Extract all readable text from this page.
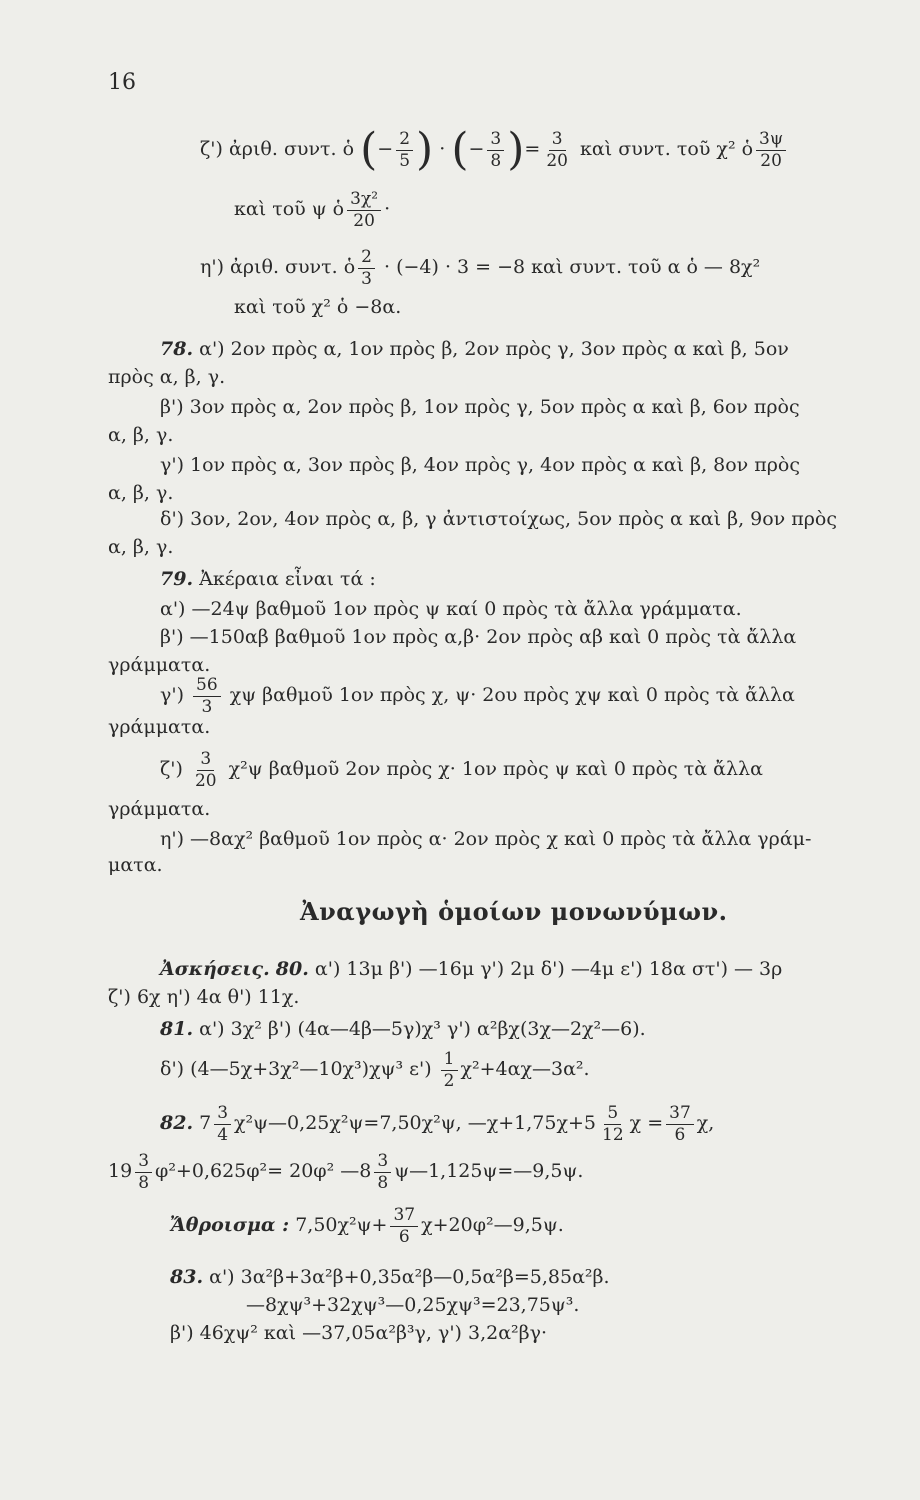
16
ζ') ἀριθ. συντ. ὁ (− $\frac{2}{5}$ ) · (− $\frac{3}{8}$ )= $\frac{3}{20}$ καὶ συντ. τοῦ χ² ὁ $\frac{3\psi}{20}$
καὶ τοῦ ψ ὁ $\frac{\text{3χ²}}{20}$ ·
η') ἀριθ. συντ. ὁ $\frac{2}{3} \cdot (-4) \cdot 3 = -8$ καὶ συντ. τοῦ α ὁ — 8χ²
καὶ τοῦ χ² ὁ −8α.
78. α') 2ον πρὸς α, 1ον πρὸς β, 2ον πρὸς γ, 3ον πρὸς α καὶ β, 5ον
πρὸς α, β, γ.
β') 3ον πρὸς α, 2ον πρὸς β, 1ον πρὸς γ, 5ον πρὸς α καὶ β, 6ον πρὸς
α, β, γ.
γ') 1ον πρὸς α, 3ον πρὸς β, 4ον πρὸς γ, 4ον πρὸς α καὶ β, 8ον πρὸς
α, β, γ.
δ') 3ον, 2ον, 4ον πρὸς α, β, γ ἀντιστοίχως, 5ον πρὸς α καὶ β, 9ον πρὸς
α, β, γ.
79. Ἀκέραια εἶναι τά :
α') —24ψ βαθμοῦ 1ον πρὸς ψ καί 0 πρὸς τὰ ἄλλα γράμματα.
β') —150αβ βαθμοῦ 1ον πρὸς α,β· 2ον πρὸς αβ καὶ 0 πρὸς τὰ ἄλλα
γράμματα.
$\gamma') \frac{56}{3}$ χψ βαθμοῦ 1ον πρὸς χ, ψ· 2ου πρὸς χψ καὶ 0 πρὸς τὰ ἄλλα
γράμματα.
$\zeta') \frac{3}{20} \chi^2\psi$ βαθμοῦ 2ον πρὸς χ· 1ον πρὸς ψ καὶ 0 πρὸς τὰ ἄλλα
γράμματα.
η') —8αχ² βαθμοῦ 1ον πρὸς α· 2ον πρὸς χ καὶ 0 πρὸς τὰ ἄλλα γράμ-
ματα.
Ἀναγωγὴ ὁμοίων μονωνύμων.
Ἀσκήσεις. 80. α') 13μ β') —16μ γ') 2μ δ') —4μ ε') 18α στ') — 3ρ
ζ') 6χ η') 4α θ') 11χ.
81. α') 3χ² β') (4α—4β—5γ)χ³ γ') α²βχ(3χ—2χ²—6).
δ') (4—5χ+3χ²—10χ³)χψ³ $\varepsilon') \frac{1}{2}$ χ²+4αχ—3α².
82. $7 \frac{3}{4}$ χ²ψ—0,25χ²ψ=7,50χ²ψ, —χ+1,75χ+5 $\frac{5}{12}$ $\chi = \frac{37}{6} \chi$,
$19 \frac{3}{8} \varphi^2+0,625\varphi^2= 20\varphi^2$ —8 $\frac{3}{8}$ ψ—1,125ψ=—9,5ψ.
Ἄθροισμα : $7,50\chi^2\psi+ \frac{37}{6}$ χ+20φ²—9,5ψ.
83. α') 3α²β+3α²β+0,35α²β—0,5α²β=5,85α²β.
—8χψ³+32χψ³—0,25χψ³=23,75ψ³.
β') 46χψ² καὶ —37,05α²β³γ, γ') 3,2α²βγ·
